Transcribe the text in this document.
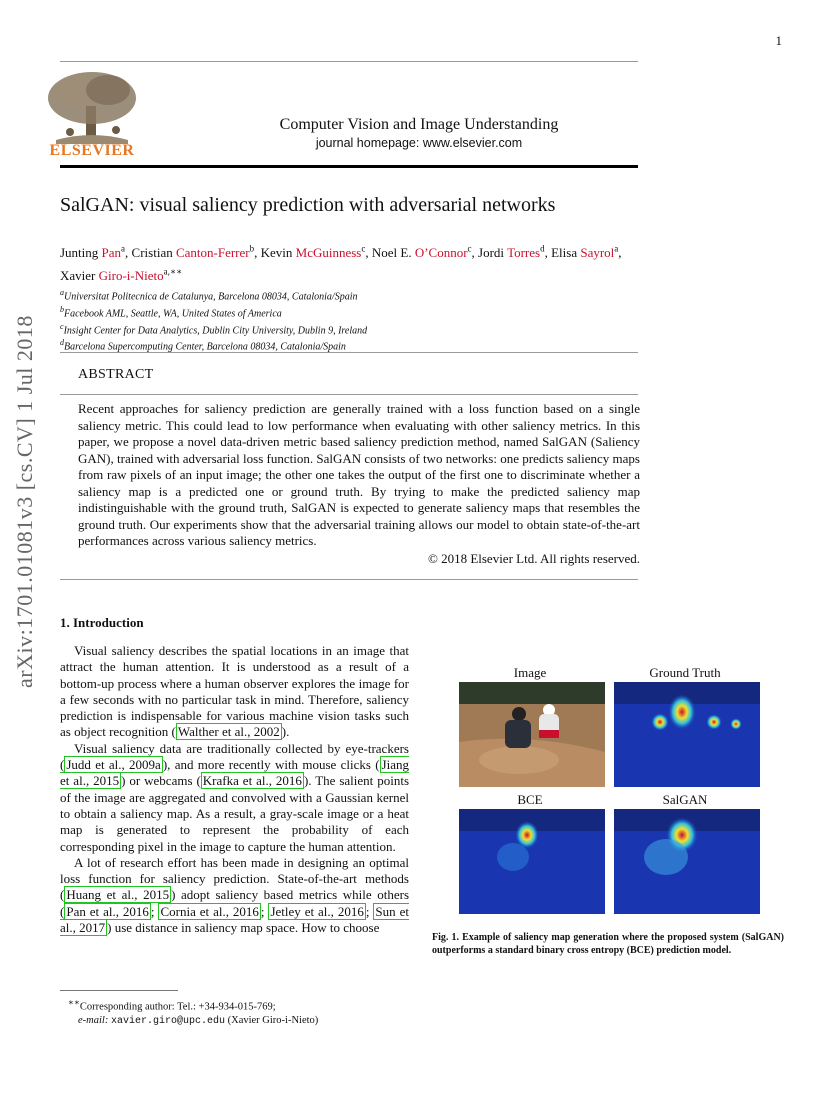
1
ELSEVIER
Computer Vision and Image Understanding
journal homepage: www.elsevier.com
SalGAN: visual saliency prediction with adversarial networks
Junting Pan$^a$, Cristian Canton-Ferrer$^b$, Kevin McGuinness$^c$, Noel E. O’Connor$^c$, Jordi Torres$^d$, Elisa Sayrol$^a$, Xavier Giro-i-Nieto$^{a,∗∗}$
$^a$Universitat Politecnica de Catalunya, Barcelona 08034, Catalonia/Spain
$^b$Facebook AML, Seattle, WA, United States of America
$^c$Insight Center for Data Analytics, Dublin City University, Dublin 9, Ireland
$^d$Barcelona Supercomputing Center, Barcelona 08034, Catalonia/Spain
ABSTRACT
Recent approaches for saliency prediction are generally trained with a loss function based on a single saliency metric. This could lead to low performance when evaluating with other saliency metrics. In this paper, we propose a novel data-driven metric based saliency prediction method, named SalGAN (Saliency GAN), trained with adversarial loss function. SalGAN consists of two networks: one predicts saliency maps from raw pixels of an input image; the other one takes the output of the first one to discriminate whether a saliency map is a predicted one or ground truth. By trying to make the predicted saliency map indistinguishable with the ground truth, SalGAN is expected to generate saliency maps that resembles the ground truth. Our experiments show that the adversarial training allows our model to obtain state-of-the-art performances across various saliency metrics.
© 2018 Elsevier Ltd. All rights reserved.
arXiv:1701.01081v3 [cs.CV] 1 Jul 2018 1. Introduction

Visual saliency describes the spatial locations in an image that attract the human attention. It is understood as a result of a bottom-up process where a human observer explores the image for a few seconds with no particular task in mind. Therefore, saliency prediction is indispensable for various machine vision tasks such as object recognition ( Walther et al., 2002 ).

Visual saliency data are traditionally collected by eye-trackers ( Judd et al., 2009a ), and more recently with mouse clicks ( Jiang et al., 2015 ) or webcams ( Krafka et al., 2016 ). The salient points of the image are aggregated and convolved with a Gaussian kernel to obtain a saliency map. As a result, a gray-scale image or a heat map is generated to represent the probability of each corresponding pixel in the image to capture the human attention.

A lot of research effort has been made in designing an optimal loss function for saliency prediction. State-of-the-art methods ( Huang et al., 2015 ) adopt saliency based metrics while others ( Pan et al., 2016 ; Cornia et al., 2016 ; Jetley et al., 2016 ; Sun et al., 2017 ) use distance in saliency map space. How to choose

∗∗Corresponding author: Tel.: +34-934-015-769;
e-mail: xavier.giro@upc.edu (Xavier Giro-i-Nieto)
Image	Ground Truth
BCE	SalGAN
Fig. 1. Example of saliency map generation where the proposed system (SalGAN) outperforms a standard binary cross entropy (BCE) prediction model.
